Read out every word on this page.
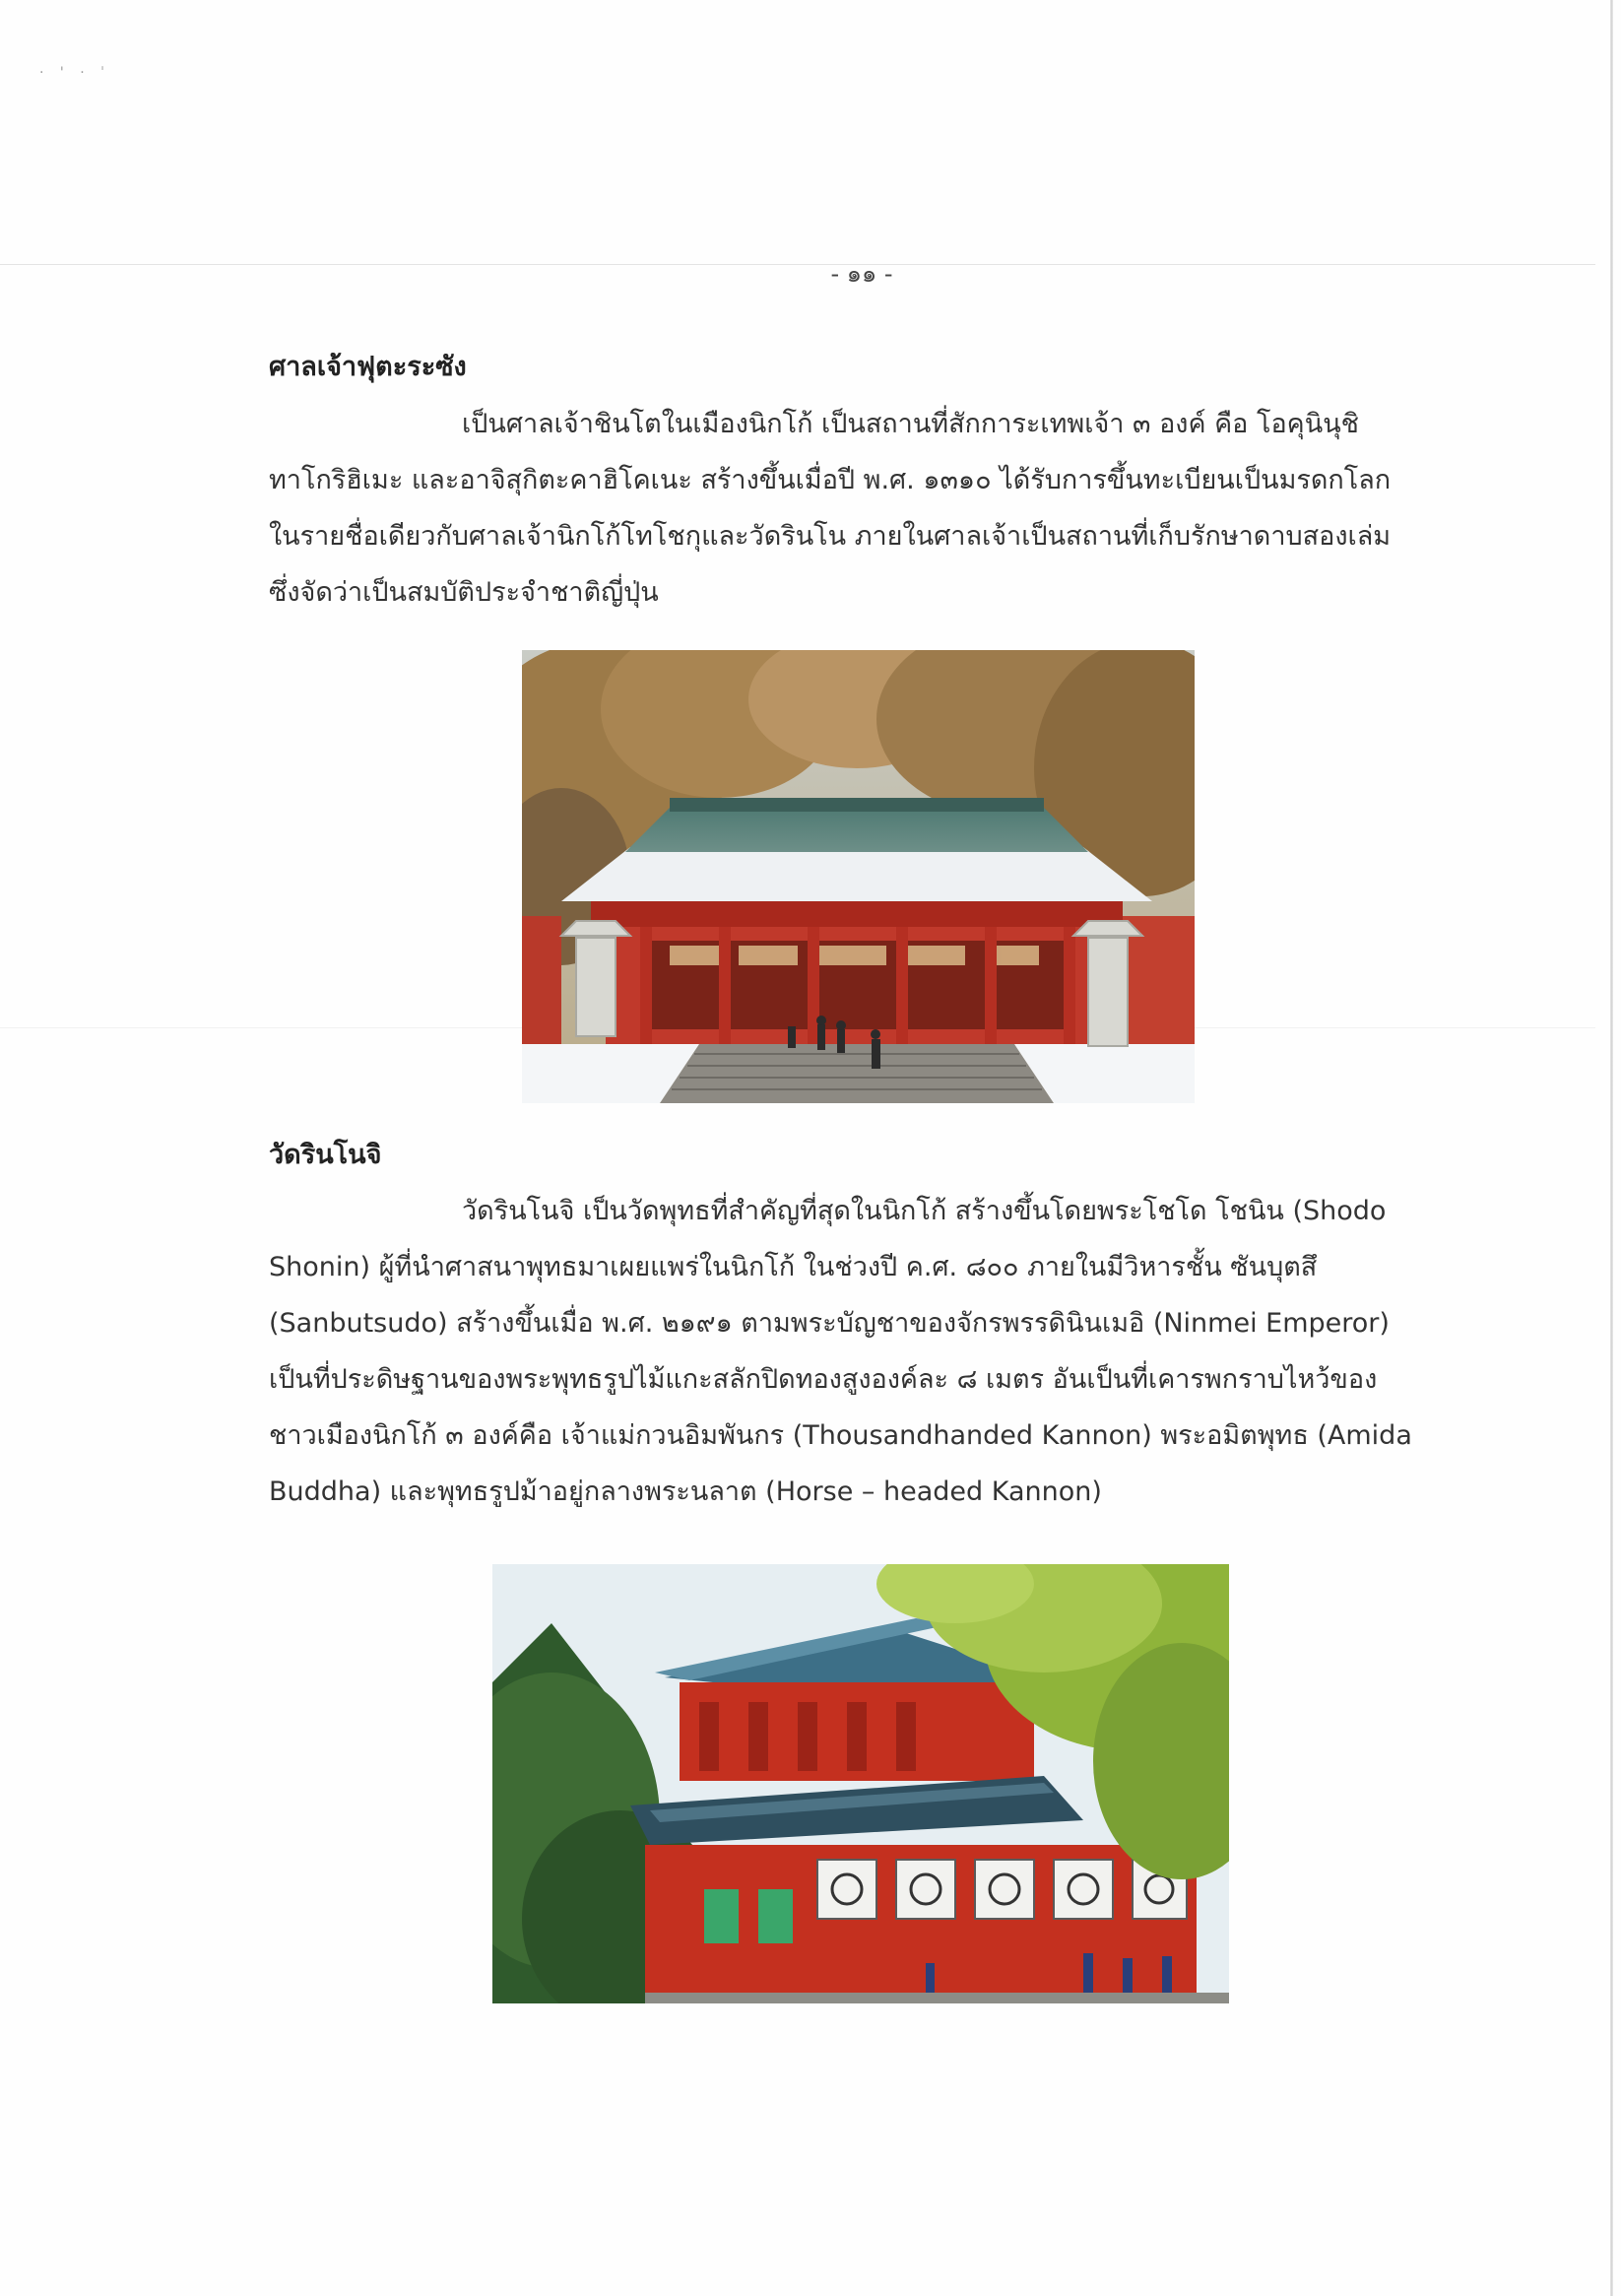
· ' · ˈ
- ๑๑ -
ศาลเจ้าฟุตะระซัง
เป็นศาลเจ้าชินโตในเมืองนิกโก้ เป็นสถานที่สักการะเทพเจ้า ๓ องค์ คือ โอคุนินุชิ
ทาโกริฮิเมะ และอาจิสุกิตะคาฮิโคเนะ สร้างขึ้นเมื่อปี พ.ศ. ๑๓๑๐ ได้รับการขึ้นทะเบียนเป็นมรดกโลก
ในรายชื่อเดียวกับศาลเจ้านิกโก้โทโชกุและวัดรินโน ภายในศาลเจ้าเป็นสถานที่เก็บรักษาดาบสองเล่ม
ซึ่งจัดว่าเป็นสมบัติประจำชาติญี่ปุ่น
วัดรินโนจิ
วัดรินโนจิ เป็นวัดพุทธที่สำคัญที่สุดในนิกโก้ สร้างขึ้นโดยพระโชโด โชนิน (Shodo
Shonin) ผู้ที่นำศาสนาพุทธมาเผยแพร่ในนิกโก้ ในช่วงปี ค.ศ. ๘๐๐ ภายในมีวิหารชั้น ซันบุตสึ
(Sanbutsudo) สร้างขึ้นเมื่อ พ.ศ. ๒๑๙๑ ตามพระบัญชาของจักรพรรดินินเมอิ (Ninmei Emperor)
เป็นที่ประดิษฐานของพระพุทธรูปไม้แกะสลักปิดทองสูงองค์ละ ๘ เมตร อันเป็นที่เคารพกราบไหว้ของ
ชาวเมืองนิกโก้ ๓ องค์คือ เจ้าแม่กวนอิมพันกร (Thousandhanded Kannon) พระอมิตพุทธ (Amida
Buddha) และพุทธรูปม้าอยู่กลางพระนลาต (Horse – headed Kannon)
